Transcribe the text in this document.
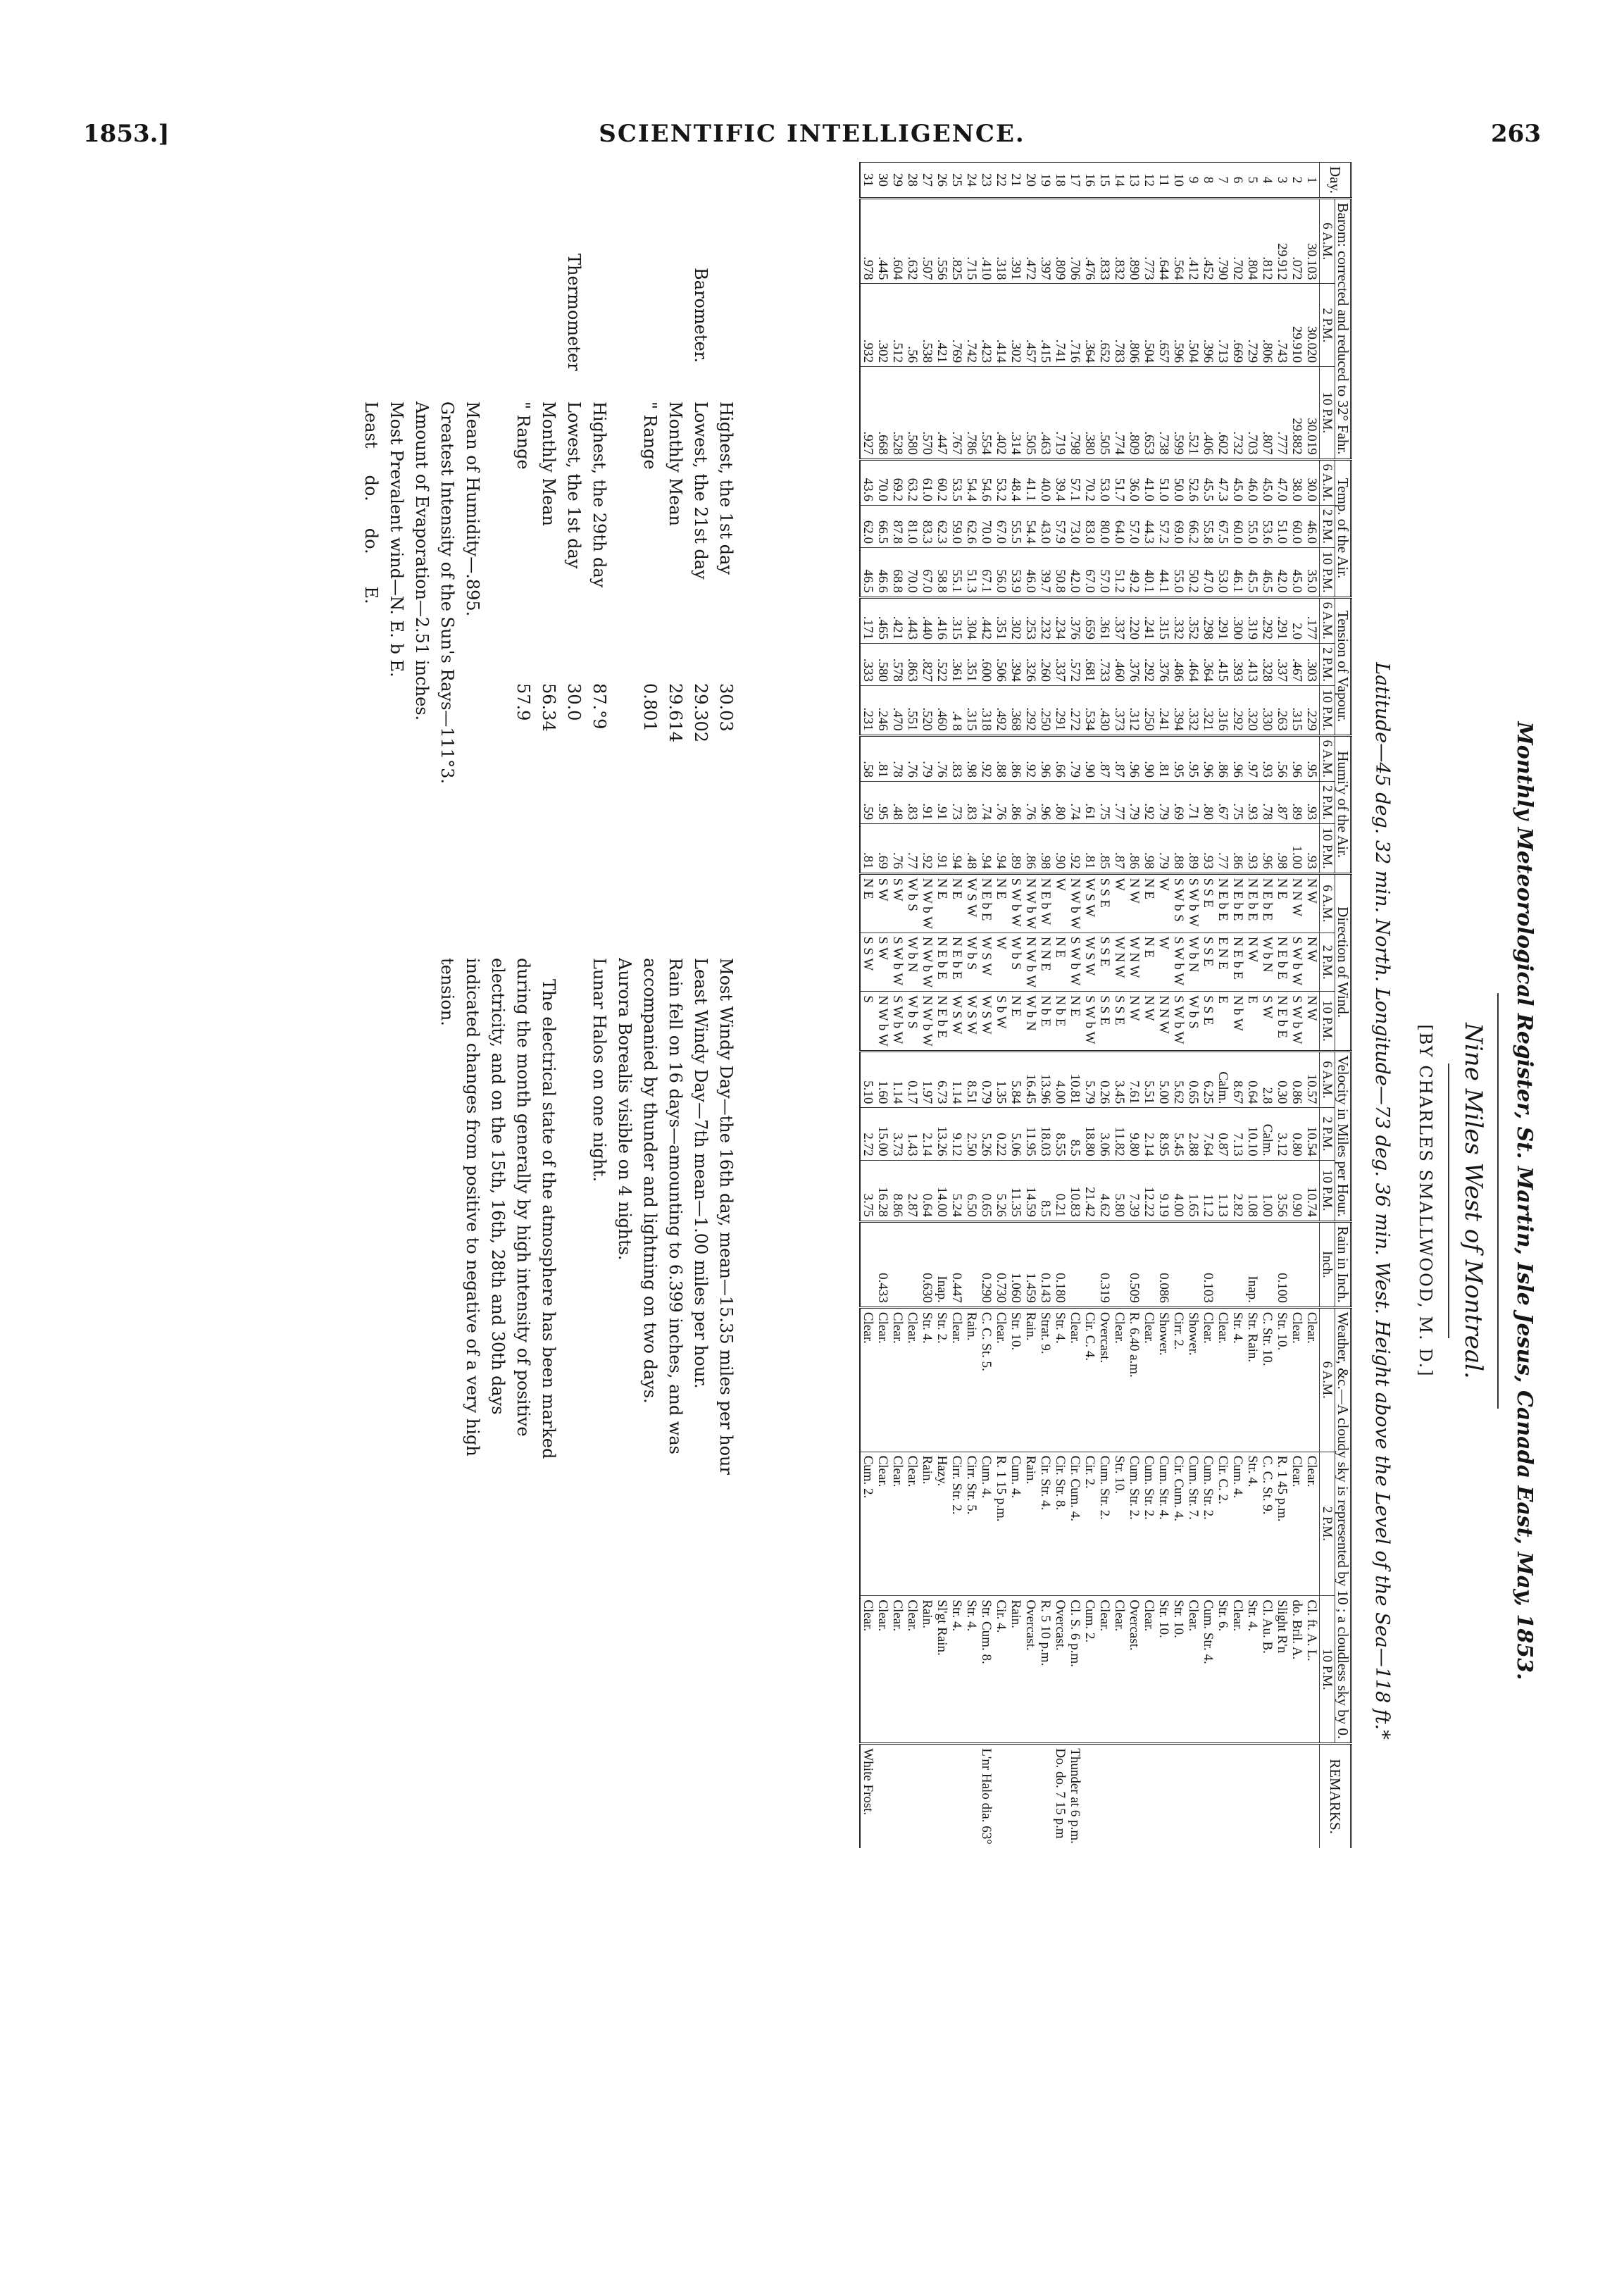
1853.]	SCIENTIFIC INTELLIGENCE.	263
Monthly Meteorological Register, St. Martin, Isle Jesus, Canada East, May, 1853.
Nine Miles West of Montreal.
[BY CHARLES SMALLWOOD, M. D.]
Latitude—45 deg. 32 min. North. Longitude—73 deg. 36 min. West. Height above the Level of the Sea—118 ft.*
Day.	Barom: corrected and reduced to 32° Fahr.			Temp. of the Air.			Tension of Vapour.			Humi'y of the Air.			Direction of Wind.			Velocity in Miles per Hour.			Rain in Inch.	Weather, &c.—A cloudy sky is represented by 10 ; a cloudless sky by 0.			REMARKS.
	6 A.M.	2 P.M.	10 P.M.	6 A.M.	2 P.M.	10 P.M.	6 A.M.	2 P.M.	10 P.M.	6 A.M.	2 P.M.	10 P.M.	6 A.M.	2 P.M.	10 P.M.	6 A.M.	2 P.M.	10 P.M.	Inch.	6 A.M.	2 P.M.	10 P.M.	
1	30.103	30.020	30.019	30.0	46.0	35.0	.177	.303	.229	.95	.93	.93	N W	N W	N W	10.57	10.54	10.74		Clear.	Clear.	Cl. ft. A. L.	
2	.072	29.910	29.882	38.0	60.0	45.0	2.0	.467	.315	.96	.89	1.00	N N W	S W b W	S W b W	0.86	0.80	0.90		Clear.	Clear.	do. Bril. A.	
3	29.912	.743	.777	47.0	51.0	42.0	.291	.337	.263	.56	.87	.98	N E	N E b E	N E b E	0.30	3.12	3.56	0.100	Str. 10.	R. 1 45 p.m.	Slight R'n	
4	.812	.806	.807	45.0	53.6	46.5	.292	.328	.330	.93	.78	.96	N E b E	W b N	S W	2.8	Calm.	1.00		C. Str. 10.	C. C. St. 9.	Cl. Au. B.	
5	.804	.729	.703	46.0	55.0	45.5	.319	.413	.320	.97	.93	.93	N E b E	N W	E	0.64	10.10	1.08	Inap.	Str. Rain.	Str. 4.	Str. 4.	
6	.702	.669	.732	45.0	60.0	46.1	.300	.393	.292	.96	.75	.86	N E b E	N E b E	N b W	8.67	7.13	2.82		Str. 4.	Cum. 4.	Clear.	
7	.790	.713	.602	47.3	67.5	53.0	.291	.415	.316	.86	.67	.77	N E b E	E N E	E	Calm.	0.87	1.13		Clear.	Cir. C. 2.	Str. 6.	
8	.452	.396	.406	45.5	55.8	47.0	.298	.364	.321	.96	.80	.93	S S E	S S E	S S E	6.25	7.64	11.2	0.103	Clear.	Cum. Str. 2.	Cum. Str. 4.	
9	.412	.504	.521	52.6	66.2	50.2	.352	.464	.332	.95	.71	.89	S W b W	W b N	W b S	0.65	2.88	1.65		Shower.	Cum. Str. 7.	Clear.	
10	.564	.596	.599	50.0	69.0	55.0	.332	.486	.394	.95	.69	.88	S W b S	S W b W	S W b W	5.62	5.45	4.00		Cirr. 2.	Cir. Cum. 4.	Str. 10.	
11	.644	.657	.738	51.0	57.2	44.1	.315	.376	.241	.81	.79	.79	W	W	N N W	5.00	8.95	9.19	0.086	Shower.	Cum. Str. 4.	Str. 10.	
12	.773	.504	.653	41.0	44.3	40.1	.241	.292	.250	.90	.92	.98	N E	N E	N W	5.51	2.14	12.22		Clear.	Cum. Str. 2.	Clear.	
13	.890	.806	.809	36.0	57.0	49.2	.220	.376	.312	.96	.79	.86	N W	W N W	N W	7.61	9.80	7.39	0.509	R. 6.40 a.m.	Cum. Str. 2.	Overcast.	
14	.832	.783	.774	51.7	64.0	51.2	.337	.460	.373	.87	.77	.87	W	W N W	S S E	3.45	11.82	5.80		Clear.	Str. 10.	Clear.	
15	.833	.652	.505	53.0	80.0	57.0	.361	.733	.430	.87	.75	.85	S S E	S S E	S S E	0.26	3.06	4.62	0.319	Overcast.	Cum. Str. 2.	Clear.	
16	.476	.364	.380	70.2	83.0	67.0	.659	.681	.534	.90	.61	.81	W S W	W S W	S W b W	5.79	18.80	21.42		Cir. C. 4.	Cir. 2.	Cum. 2.	
17	.706	.716	.798	57.1	73.0	42.0	.376	.572	.272	.79	.74	.92	N W b W	S W b W	N E	10.81	8.5	10.83		Clear.	Cir. Cum. 4.	Cl. S. 6 p.m.	Thunder at 6 p.m.
18	.809	.741	.719	39.4	57.9	50.8	.234	.337	.291	.66	.80	.90	W	N E	N b E	4.00	8.55	0.21	0.180	Str. 4.	Cir. Str. 8.	Overcast.	Do. do. 7 15 p.m
19	.397	.415	.463	40.0	43.0	39.7	.232	.260	.250	.96	.96	.98	N E b W	N N E	N b E	13.96	18.03	8.5	0.143	Strat. 9.	Cir. Str. 4.	R. 5 10 p.m.	
20	.472	.457	.505	41.1	54.4	46.0	.253	.326	.292	.92	.76	.86	N W b W	N W b W	W b N	16.45	11.95	14.59	1.459	Rain.	Rain.	Overcast.	
21	.391	.302	.314	48.4	55.5	53.9	.302	.394	.368	.86	.86	.89	S W b W	W b S	N E	5.84	5.06	11.35	1.060	Str. 10.	Cum. 4.	Rain.	
22	.318	.414	.402	53.2	67.0	56.0	.351	.506	.492	.88	.76	.94	N E	W	S b W	1.35	0.22	5.26	0.730	Clear.	R. 1 15 p.m.	Cir. 4.	
23	.410	.423	.554	54.6	70.0	67.1	.442	.600	.318	.92	.74	.94	N E b E	W S W	W S W	0.79	5.26	0.65	0.290	C. C. St. 5.	Cum. 4.	Str. Cum. 8.	L'nr Halo dia. 63°
24	.715	.742	.786	54.4	62.6	51.3	.304	.351	.315	.98	.83	.48	W S W	W b S	W S W	8.51	2.50	6.50		Rain.	Cirr. Str. 5.	Str. 4.	
25	.825	.769	.767	53.5	59.0	55.1	.315	.361	.4 8	.83	.73	.94	N E	N E b E	W S W	1.14	9.12	5.24	0.447	Clear.	Cirr. Str. 2.	Str. 4.	
26	.556	.421	.447	60.2	62.3	58.8	.416	.522	.460	.76	.91	.91	N E	N E b E	N E b E	6.73	13.26	14.00	Inap.	Str. 2.	Hazy.	Sl'gt Rain.	
27	.507	.538	.570	61.0	83.3	67.0	.440	.827	.520	.79	.91	.92	N W b W	N W b W	N W b W	1.97	2.14	0.64	0.630	Str. 4.	Rain.	Rain.	
28	.632	.56	.580	63.2	81.0	70.0	.443	.863	.551	.76	.83	.77	W b S	W b N	W b S	0.17	1.43	2.87		Clear.	Clear.	Clear.	
29	.604	.512	.528	69.2	87.8	68.8	.421	.578	.470	.78	.48	.76	S W	S W b W	S W b W	1.14	3.73	8.86		Clear.	Clear.	Clear.	
30	.445	.302	.668	70.0	66.5	46.6	.465	.580	.246	.81	.95	.69	S W	S W	N W b W	1.60	15.00	16.28	0.433	Clear.	Clear.	Clear.	
31	.978	.932	.927	43.6	62.0	46.5	.171	.333	.231	.58	.59	.81	N E	S S W	S	5.10	2.72	3.75		Clear.	Cum. 2.	Clear.	White Frost.
Barometer.
Highest, the 1st day30.03
Lowest, the 21st day29.302
Monthly Mean29.614
" Range0.801
Thermometer
Highest, the 29th day87.°9
Lowest, the 1st day30.0
Monthly Mean56.34
" Range57.9
Mean of Humidity—.895.
Greatest Intensity of the Sun's Rays—111°3.
Amount of Evaporation—2.51 inches.
Most Prevalent wind—N. E. b E.
Least     do.     do.      E.
Most Windy Day—the 16th day, mean—15.35 miles per hour
Least Windy Day—7th mean—1.00 miles per hour.
Rain fell on 16 days—amounting to 6.399 inches, and was accompanied by thunder and lightning on two days.
Aurora Borealis visible on 4 nights.
Lunar Halos on one night.
The electrical state of the atmosphere has been marked during the month generally by high intensity of positive electricity, and on the 15th, 16th, 28th and 30th days indicated changes from positive to negative of a very high tension.
